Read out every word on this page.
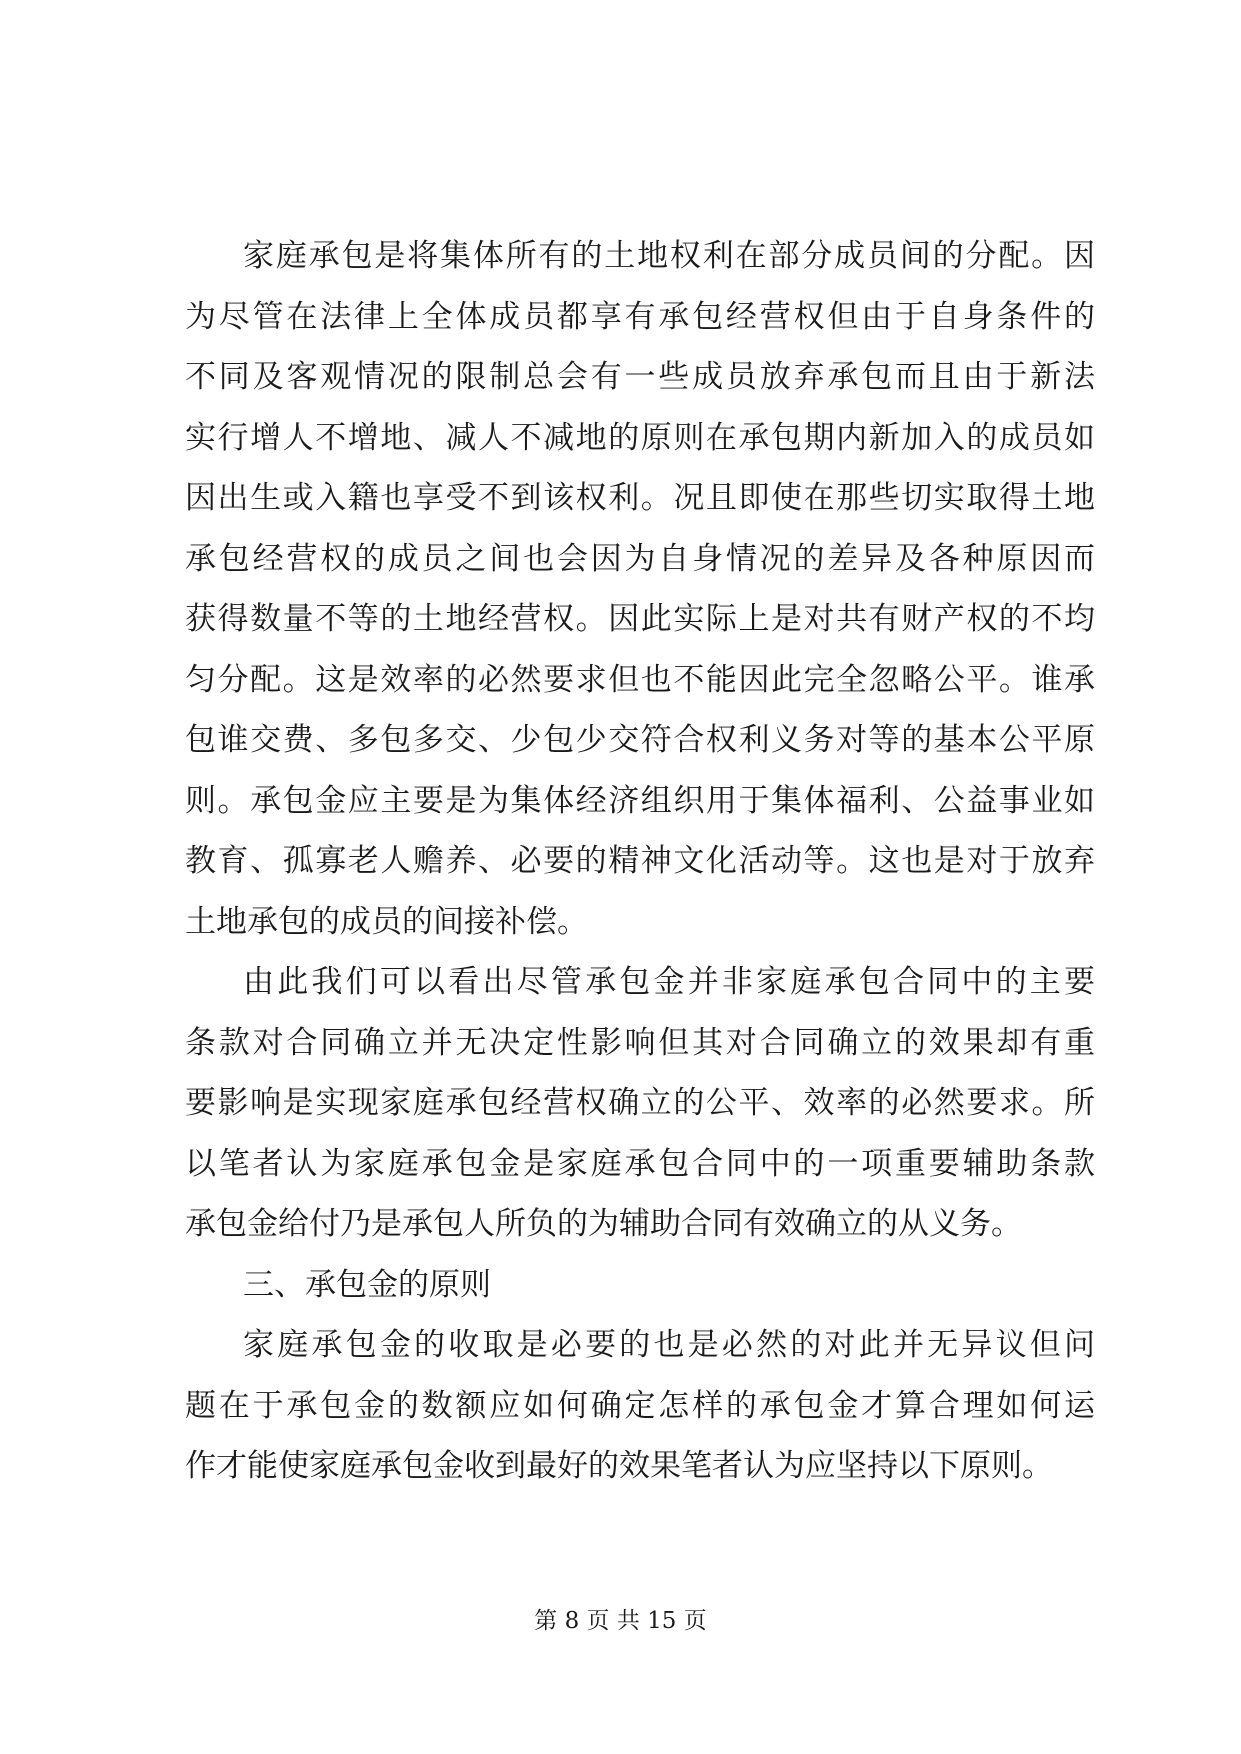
家庭承包是将集体所有的土地权利在部分成员间的分配。因
为尽管在法律上全体成员都享有承包经营权但由于自身条件的
不同及客观情况的限制总会有一些成员放弃承包而且由于新法
实行增人不增地、减人不减地的原则在承包期内新加入的成员如
因出生或入籍也享受不到该权利。况且即使在那些切实取得土地
承包经营权的成员之间也会因为自身情况的差异及各种原因而
获得数量不等的土地经营权。因此实际上是对共有财产权的不均
匀分配。这是效率的必然要求但也不能因此完全忽略公平。谁承
包谁交费、多包多交、少包少交符合权利义务对等的基本公平原
则。承包金应主要是为集体经济组织用于集体福利、公益事业如
教育、孤寡老人赡养、必要的精神文化活动等。这也是对于放弃
土地承包的成员的间接补偿。
由此我们可以看出尽管承包金并非家庭承包合同中的主要
条款对合同确立并无决定性影响但其对合同确立的效果却有重
要影响是实现家庭承包经营权确立的公平、效率的必然要求。所
以笔者认为家庭承包金是家庭承包合同中的一项重要辅助条款
承包金给付乃是承包人所负的为辅助合同有效确立的从义务。
三、承包金的原则
家庭承包金的收取是必要的也是必然的对此并无异议但问
题在于承包金的数额应如何确定怎样的承包金才算合理如何运
作才能使家庭承包金收到最好的效果笔者认为应坚持以下原则。
第 8 页 共 15 页
